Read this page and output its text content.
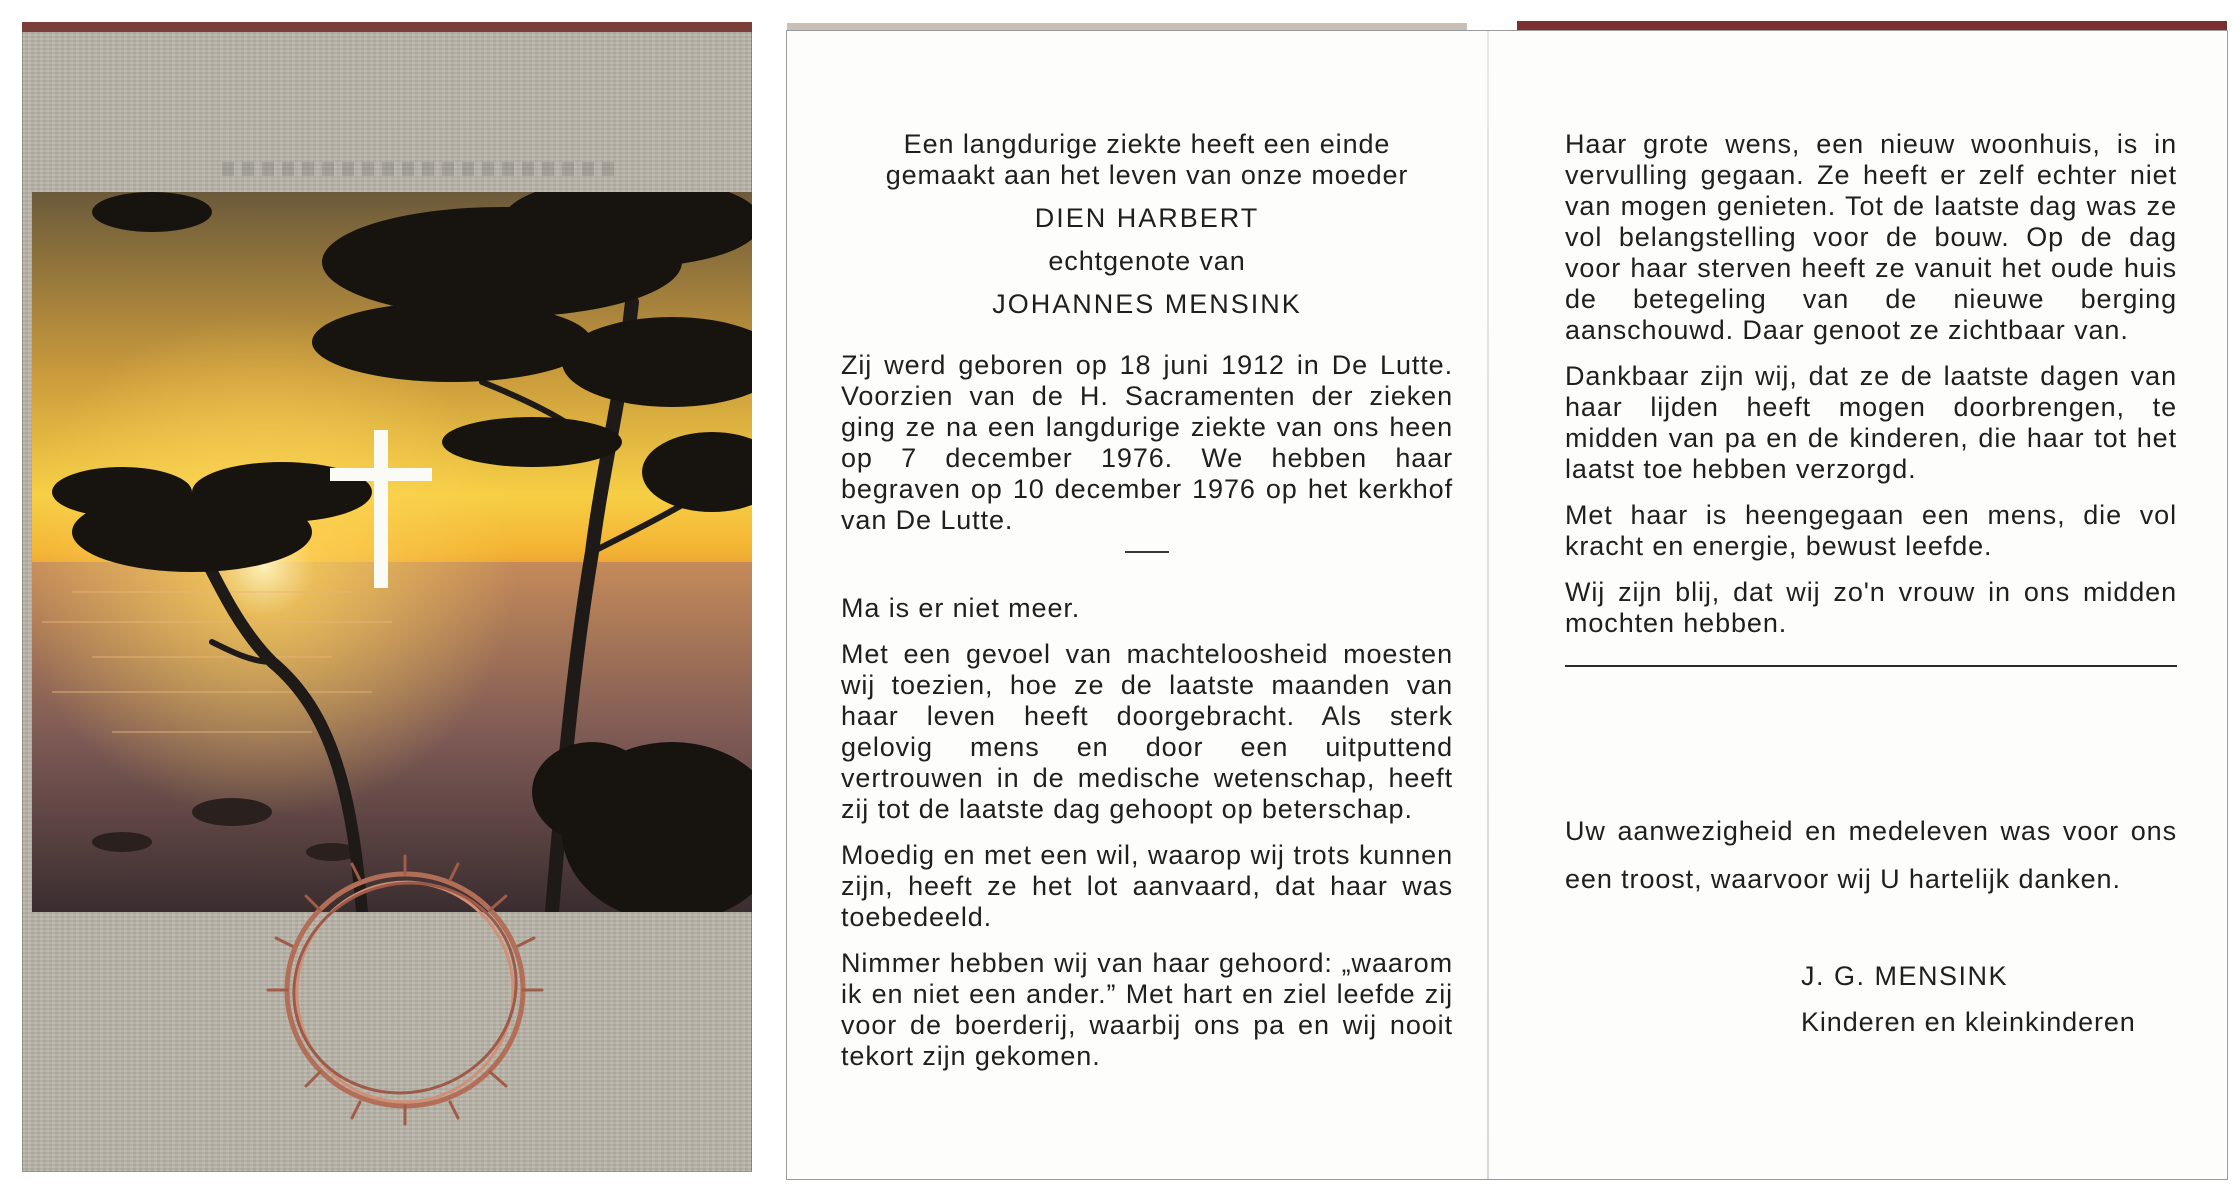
Een langdurige ziekte heeft een einde
gemaakt aan het leven van onze moeder
DIEN HARBERT
echtgenote van
JOHANNES MENSINK

Zij werd geboren op 18 juni 1912 in De Lutte. Voorzien van de H. Sacramenten der zieken ging ze na een langdurige ziekte van ons heen op 7 december 1976. We hebben haar begraven op 10 december 1976 op het kerkhof van De Lutte.

Ma is er niet meer.

Met een gevoel van machteloosheid moesten wij toezien, hoe ze de laatste maanden van haar leven heeft doorgebracht. Als sterk gelovig mens en door een uitputtend vertrouwen in de medische wetenschap, heeft zij tot de laatste dag gehoopt op beterschap.

Moedig en met een wil, waarop wij trots kunnen zijn, heeft ze het lot aanvaard, dat haar was toebedeeld.

Nimmer hebben wij van haar gehoord: „waarom ik en niet een ander.” Met hart en ziel leefde zij voor de boerderij, waarbij ons pa en wij nooit tekort zijn gekomen.

Haar grote wens, een nieuw woonhuis, is in vervulling gegaan. Ze heeft er zelf echter niet van mogen genieten. Tot de laatste dag was ze vol belangstelling voor de bouw. Op de dag voor haar sterven heeft ze vanuit het oude huis de betegeling van de nieuwe berging aanschouwd. Daar genoot ze zichtbaar van.

Dankbaar zijn wij, dat ze de laatste dagen van haar lijden heeft mogen doorbrengen, te midden van pa en de kinderen, die haar tot het laatst toe hebben verzorgd.

Met haar is heengegaan een mens, die vol kracht en energie, bewust leefde.

Wij zijn blij, dat wij zo'n vrouw in ons midden mochten hebben.

Uw aanwezigheid en medeleven was voor ons een troost, waarvoor wij U hartelijk danken.

J. G. MENSINK
Kinderen en kleinkinderen
